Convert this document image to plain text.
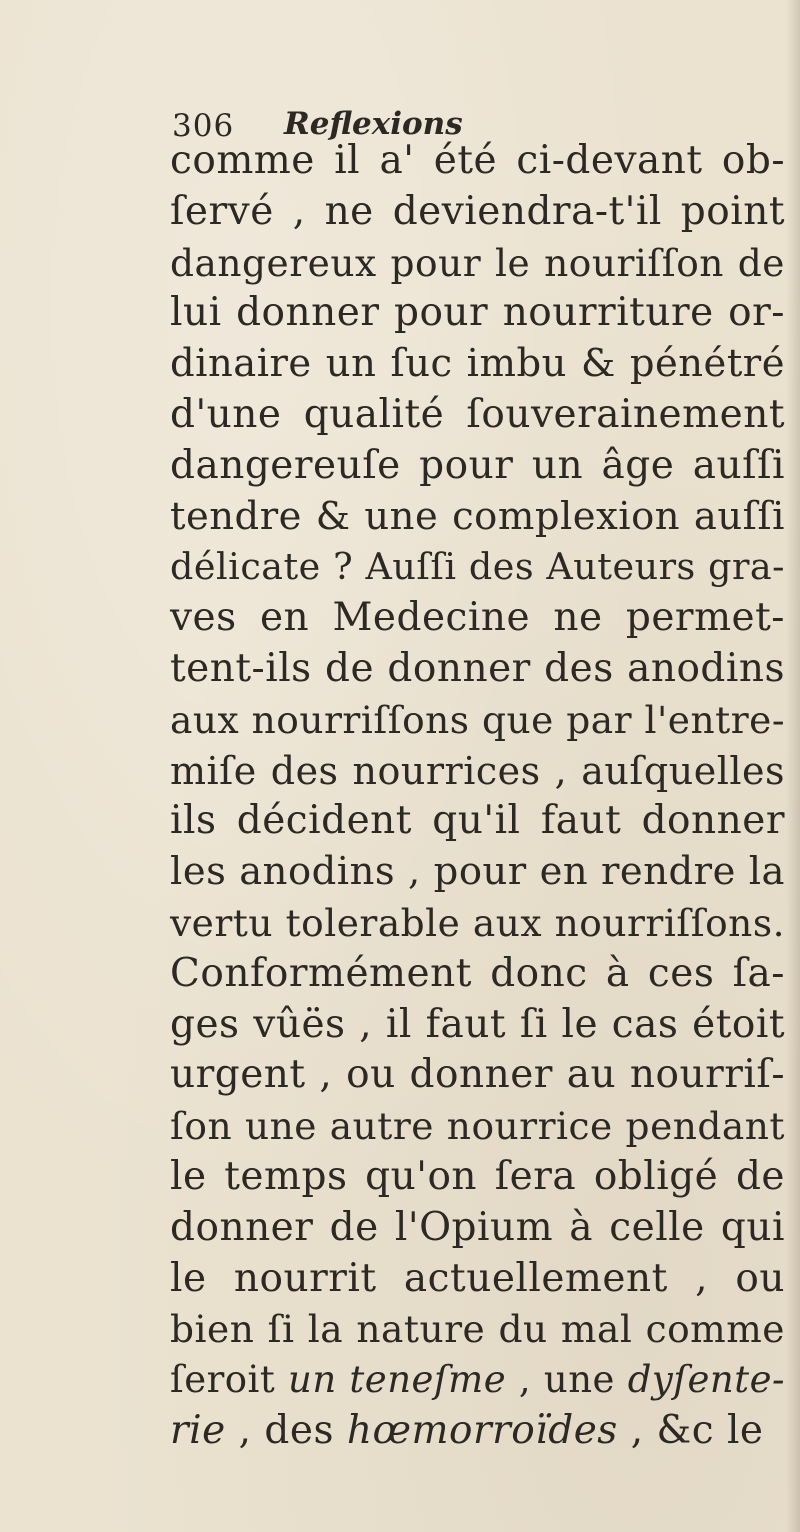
306 Reflexions
comme il a' été ci-devant ob-
ſervé , ne deviendra-t'il point
dangereux pour le nouriſſon de
lui donner pour nourriture or-
dinaire un ſuc imbu & pénétré
d'une qualité ſouverainement
dangereuſe pour un âge auſſi
tendre & une complexion auſſi
délicate ? Auſſi des Auteurs gra-
ves en Medecine ne permet-
tent-ils de donner des anodins
aux nourriſſons que par l'entre-
miſe des nourrices , auſquelles
ils décident qu'il faut donner
les anodins , pour en rendre la
vertu tolerable aux nourriſſons.
Conformément donc à ces ſa-
ges vûës , il faut ſi le cas étoit
urgent , ou donner au nourriſ-
ſon une autre nourrice pendant
le temps qu'on ſera obligé de
donner de l'Opium à celle qui
le nourrit actuellement , ou
bien ſi la nature du mal comme
ſeroit un teneſme , une dyſente-
rie , des hœmorroïdes , &c le
